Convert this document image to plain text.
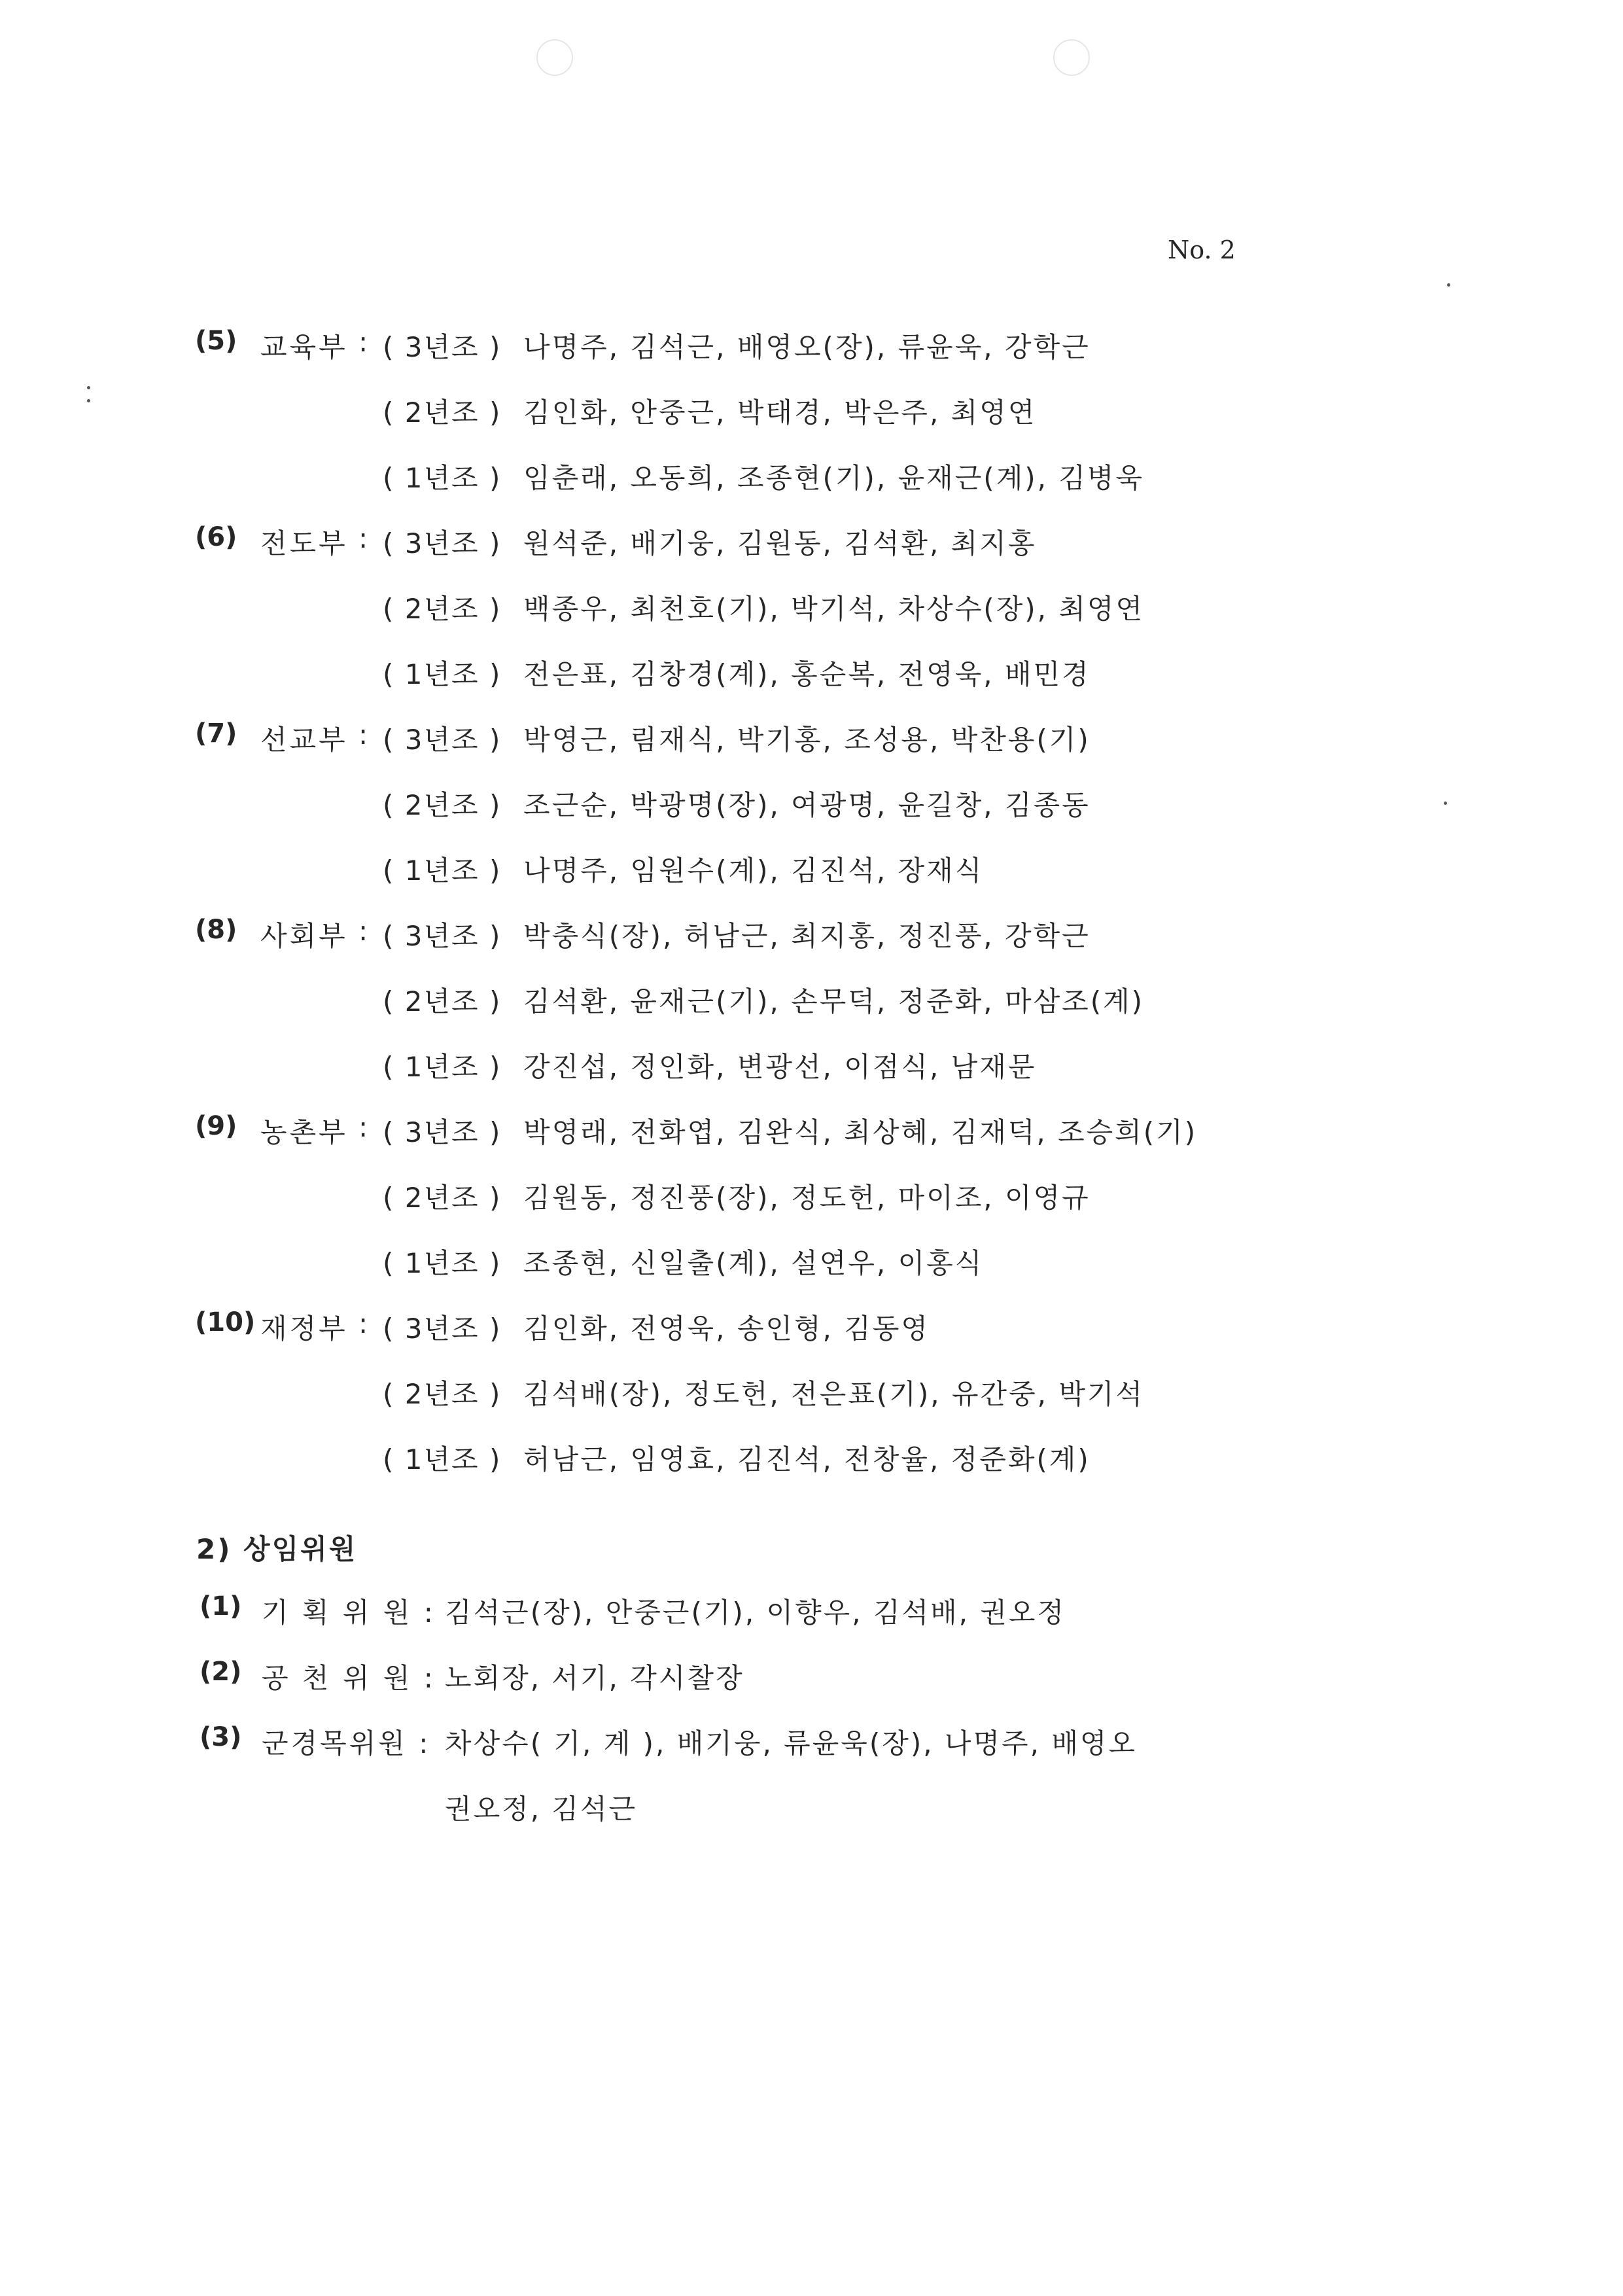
No. 2
(5) 교육부 : ( 3년조 ) 나명주, 김석근, 배영오(장), 류윤욱, 강학근
( 2년조 ) 김인화, 안중근, 박태경, 박은주, 최영연
( 1년조 ) 임춘래, 오동희, 조종현(기), 윤재근(계), 김병욱
(6) 전도부 : ( 3년조 ) 원석준, 배기웅, 김원동, 김석환, 최지홍
( 2년조 ) 백종우, 최천호(기), 박기석, 차상수(장), 최영연
( 1년조 ) 전은표, 김창경(계), 홍순복, 전영욱, 배민경
(7) 선교부 : ( 3년조 ) 박영근, 림재식, 박기홍, 조성용, 박찬용(기)
( 2년조 ) 조근순, 박광명(장), 여광명, 윤길창, 김종동
( 1년조 ) 나명주, 임원수(계), 김진석, 장재식
(8) 사회부 : ( 3년조 ) 박충식(장), 허남근, 최지홍, 정진풍, 강학근
( 2년조 ) 김석환, 윤재근(기), 손무덕, 정준화, 마삼조(계)
( 1년조 ) 강진섭, 정인화, 변광선, 이점식, 남재문
(9) 농촌부 : ( 3년조 ) 박영래, 전화엽, 김완식, 최상혜, 김재덕, 조승희(기)
( 2년조 ) 김원동, 정진풍(장), 정도헌, 마이조, 이영규
( 1년조 ) 조종현, 신일출(계), 설연우, 이홍식
(10) 재정부 : ( 3년조 ) 김인화, 전영욱, 송인형, 김동영
( 2년조 ) 김석배(장), 정도헌, 전은표(기), 유간중, 박기석
( 1년조 ) 허남근, 임영효, 김진석, 전창율, 정준화(계)
2) 상임위원
(1) 기 획 위 원 : 김석근(장), 안중근(기), 이향우, 김석배, 권오정
(2) 공 천 위 원 : 노회장, 서기, 각시찰장
(3) 군경목위원 : 차상수( 기, 계 ), 배기웅, 류윤욱(장), 나명주, 배영오
권오정, 김석근
